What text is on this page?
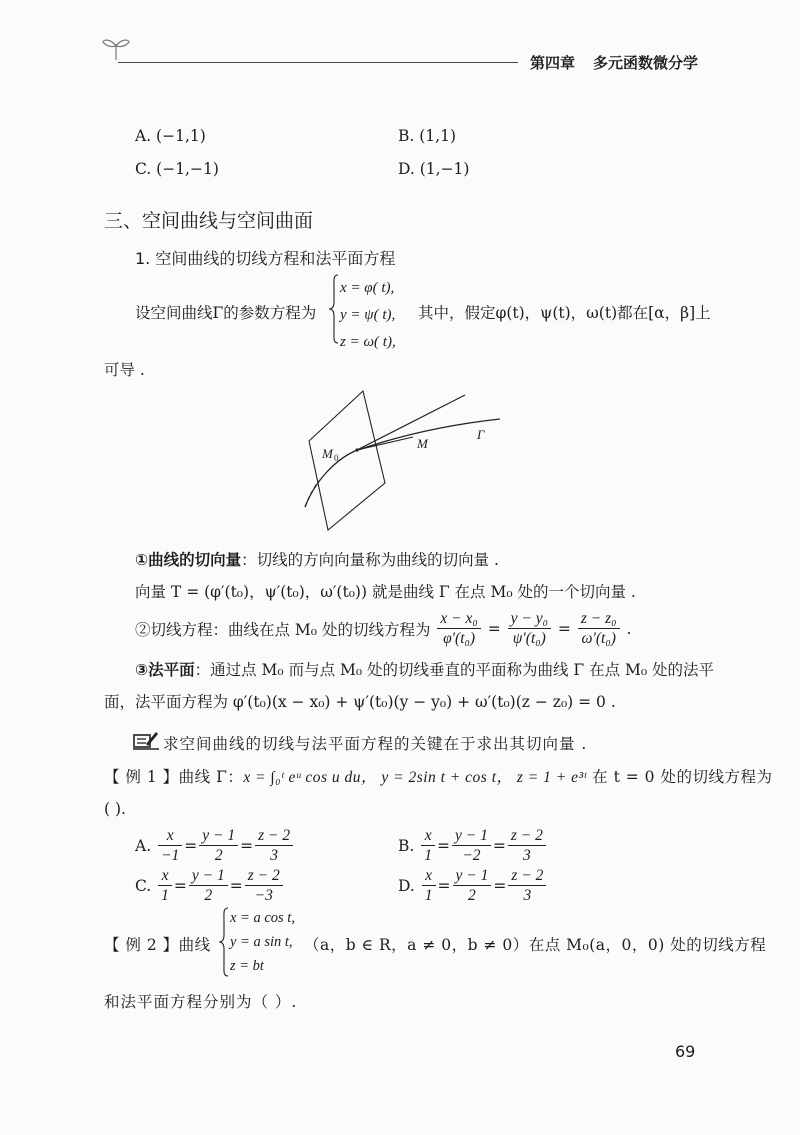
第四章 多元函数微分学
A. (−1,1)	B. (1,1)
C. (−1,−1)	D. (1,−1)
三、空间曲线与空间曲面
1. 空间曲线的切线方程和法平面方程
设空间曲线Γ的参数方程为
x = φ( t),
y = ψ( t),
z = ω( t),
其中，假定φ(t)，ψ(t)，ω(t)都在[α，β]上
可导 .
M 0
M
Γ
①曲线的切向量：切线的方向向量称为曲线的切向量 .
向量 T = (φ′(t₀)，ψ′(t₀)，ω′(t₀)) 就是曲线 Γ 在点 M₀ 处的一个切向量 .
②切线方程：曲线在点 M₀ 处的切线方程为 $\frac{\text{x − x₀}}{\text{φ′(t₀)}} = \frac{\text{y − y₀}}{\text{ψ′(t₀)}} = \frac{\text{z − z₀}}{\text{ω′(t₀)}}$ .
③法平面：通过点 M₀ 而与点 M₀ 处的切线垂直的平面称为曲线 Γ 在点 M₀ 处的法平
面，法平面方程为 φ′(t₀)(x − x₀) + ψ′(t₀)(y − y₀) + ω′(t₀)(z − z₀) = 0 .
求空间曲线的切线与法平面方程的关键在于求出其切向量 .
【 例 1 】曲线 Γ：x = ∫₀ᵗ eᵘ cos u du， y = 2sin t + cos t， z = 1 + e³ᵗ 在 t = 0 处的切线方程为
( ).
A. $\frac{x}{-1} = \frac{y - 1}{2} = \frac{z - 2}{3}$	B. $\frac{x}{1} = \frac{y - 1}{-2} = \frac{z - 2}{3}$
C. $\frac{x}{1} = \frac{y - 1}{2} = \frac{z - 2}{-3}$	D. $\frac{x}{1} = \frac{y - 1}{2} = \frac{z - 2}{3}$
【 例 2 】曲线
x = a cos t,
y = a sin t,
z = bt
（a，b ∈ R，a ≠ 0，b ≠ 0）在点 M₀(a，0，0) 处的切线方程
和法平面方程分别为（ ）.
69
